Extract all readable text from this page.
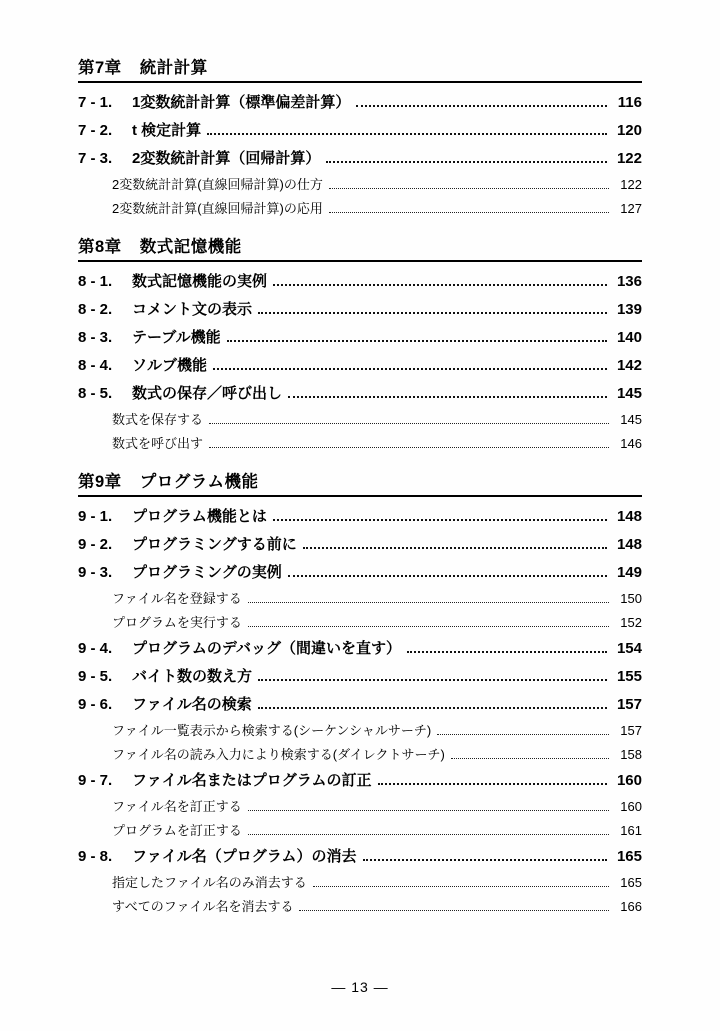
第7章 統計計算
7 - 1.	1変数統計計算（標準偏差計算）	116
7 - 2.	t 検定計算	120
7 - 3.	2変数統計計算（回帰計算）	122
2変数統計計算(直線回帰計算)の仕方	122
2変数統計計算(直線回帰計算)の応用	127
第8章 数式記憶機能
8 - 1.	数式記憶機能の実例	136
8 - 2.	コメント文の表示	139
8 - 3.	テーブル機能	140
8 - 4.	ソルブ機能	142
8 - 5.	数式の保存／呼び出し	145
数式を保存する	145
数式を呼び出す	146
第9章 プログラム機能
9 - 1.	プログラム機能とは	148
9 - 2.	プログラミングする前に	148
9 - 3.	プログラミングの実例	149
ファイル名を登録する	150
プログラムを実行する	152
9 - 4.	プログラムのデバッグ（間違いを直す）	154
9 - 5.	バイト数の数え方	155
9 - 6.	ファイル名の検索	157
ファイル一覧表示から検索する(シーケンシャルサーチ)	157
ファイル名の読み入力により検索する(ダイレクトサーチ)	158
9 - 7.	ファイル名またはプログラムの訂正	160
ファイル名を訂正する	160
プログラムを訂正する	161
9 - 8.	ファイル名（プログラム）の消去	165
指定したファイル名のみ消去する	165
すべてのファイル名を消去する	166
— 13 —
